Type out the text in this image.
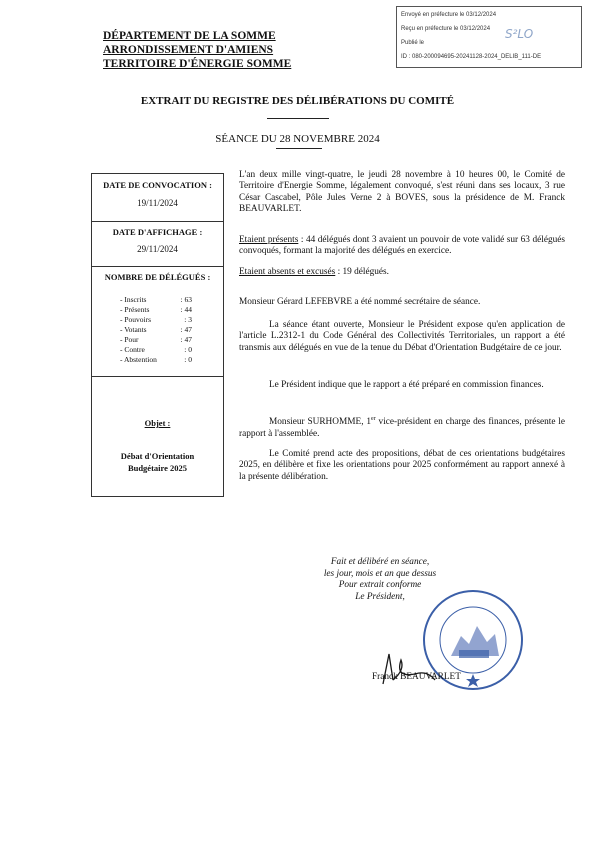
DÉPARTEMENT DE LA SOMME
ARRONDISSEMENT D'AMIENS
TERRITOIRE D'ÉNERGIE SOMME
Envoyé en préfecture le 03/12/2024
Reçu en préfecture le 03/12/2024
Publié le
ID : 080-200094695-20241128-2024_DELIB_111-DE
S²LO
EXTRAIT DU REGISTRE DES DÉLIBÉRATIONS DU COMITÉ
SÉANCE DU 28 NOVEMBRE 2024
DATE DE CONVOCATION :
19/11/2024
DATE D'AFFICHAGE :
29/11/2024
NOMBRE DE DÉLÉGUÉS :
- Inscrits	: 63
- Présents	: 44
- Pouvoirs	: 3
- Votants	: 47
- Pour	: 47
- Contre	: 0
- Abstention	: 0
Objet :
Débat d'Orientation
Budgétaire 2025
L'an deux mille vingt-quatre, le jeudi 28 novembre à 10 heures 00, le Comité de Territoire d'Energie Somme, légalement convoqué, s'est réuni dans ses locaux, 3 rue César Cascabel, Pôle Jules Verne 2 à BOVES, sous la présidence de M. Franck BEAUVARLET.
Etaient présents : 44 délégués dont 3 avaient un pouvoir de vote validé sur 63 délégués convoqués, formant la majorité des délégués en exercice.
Etaient absents et excusés : 19 délégués.
Monsieur Gérard LEFEBVRE a été nommé secrétaire de séance.
La séance étant ouverte, Monsieur le Président expose qu'en application de l'article L.2312-1 du Code Général des Collectivités Territoriales, un rapport a été transmis aux délégués en vue de la tenue du Débat d'Orientation Budgétaire de ce jour.
Le Président indique que le rapport a été préparé en commission finances.
Monsieur SURHOMME, 1er vice-président en charge des finances, présente le rapport à l'assemblée.
Le Comité prend acte des propositions, débat de ces orientations budgétaires 2025, en délibère et fixe les orientations pour 2025 conformément au rapport annexé à la présente délibération.
Fait et délibéré en séance,
les jour, mois et an que dessus
Pour extrait conforme
Le Président,
Franck BEAUVARLET
